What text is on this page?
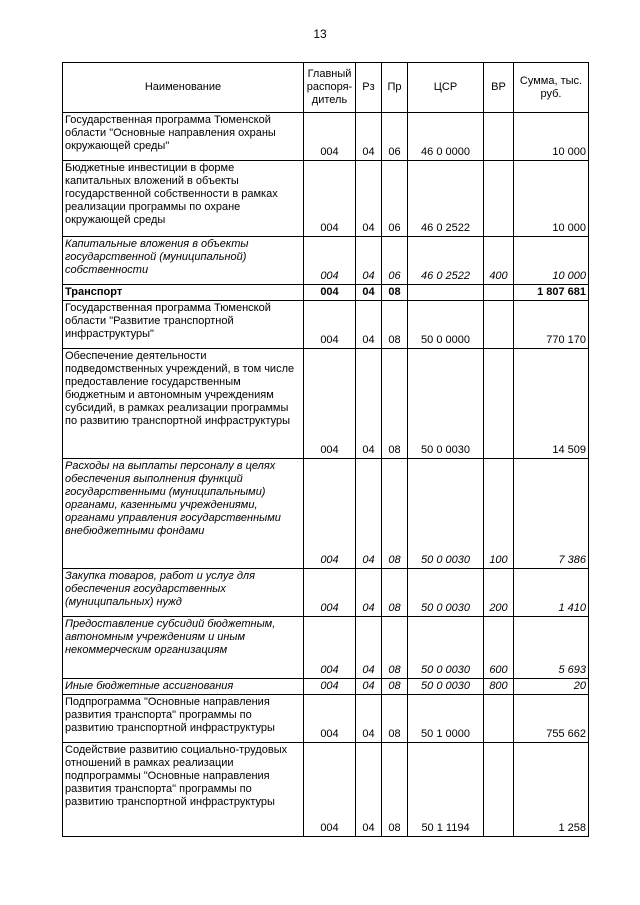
13
Наименование	Главный распоря-дитель	Рз	Пр	ЦСР	ВР	Сумма, тыс. руб.
Государственная программа Тюменской области "Основные направления охраны окружающей среды"	004	04	06	46 0 0000		10 000
Бюджетные инвестиции в форме капитальных вложений в объекты государственной собственности в рамках реализации программы по охране окружающей среды	004	04	06	46 0 2522		10 000
Капитальные вложения в объекты государственной (муниципальной) собственности	004	04	06	46 0 2522	400	10 000
Транспорт	004	04	08			1 807 681
Государственная программа Тюменской области "Развитие транспортной инфраструктуры"	004	04	08	50 0 0000		770 170
Обеспечение деятельности подведомственных учреждений, в том числе предоставление государственным бюджетным и автономным учреждениям субсидий, в рамках реализации программы по развитию транспортной инфраструктуры	004	04	08	50 0 0030		14 509
Расходы на выплаты персоналу в целях обеспечения выполнения функций государственными (муниципальными) органами, казенными учреждениями, органами управления государственными внебюджетными фондами	004	04	08	50 0 0030	100	7 386
Закупка товаров, работ и услуг для обеспечения государственных (муниципальных) нужд	004	04	08	50 0 0030	200	1 410
Предоставление субсидий бюджетным, автономным учреждениям и иным некоммерческим организациям	004	04	08	50 0 0030	600	5 693
Иные бюджетные ассигнования	004	04	08	50 0 0030	800	20
Подпрограмма "Основные направления развития транспорта" программы по развитию транспортной инфраструктуры	004	04	08	50 1 0000		755 662
Содействие развитию социально-трудовых отношений в рамках реализации подпрограммы "Основные направления развития транспорта" программы по развитию транспортной инфраструктуры	004	04	08	50 1 1194		1 258
